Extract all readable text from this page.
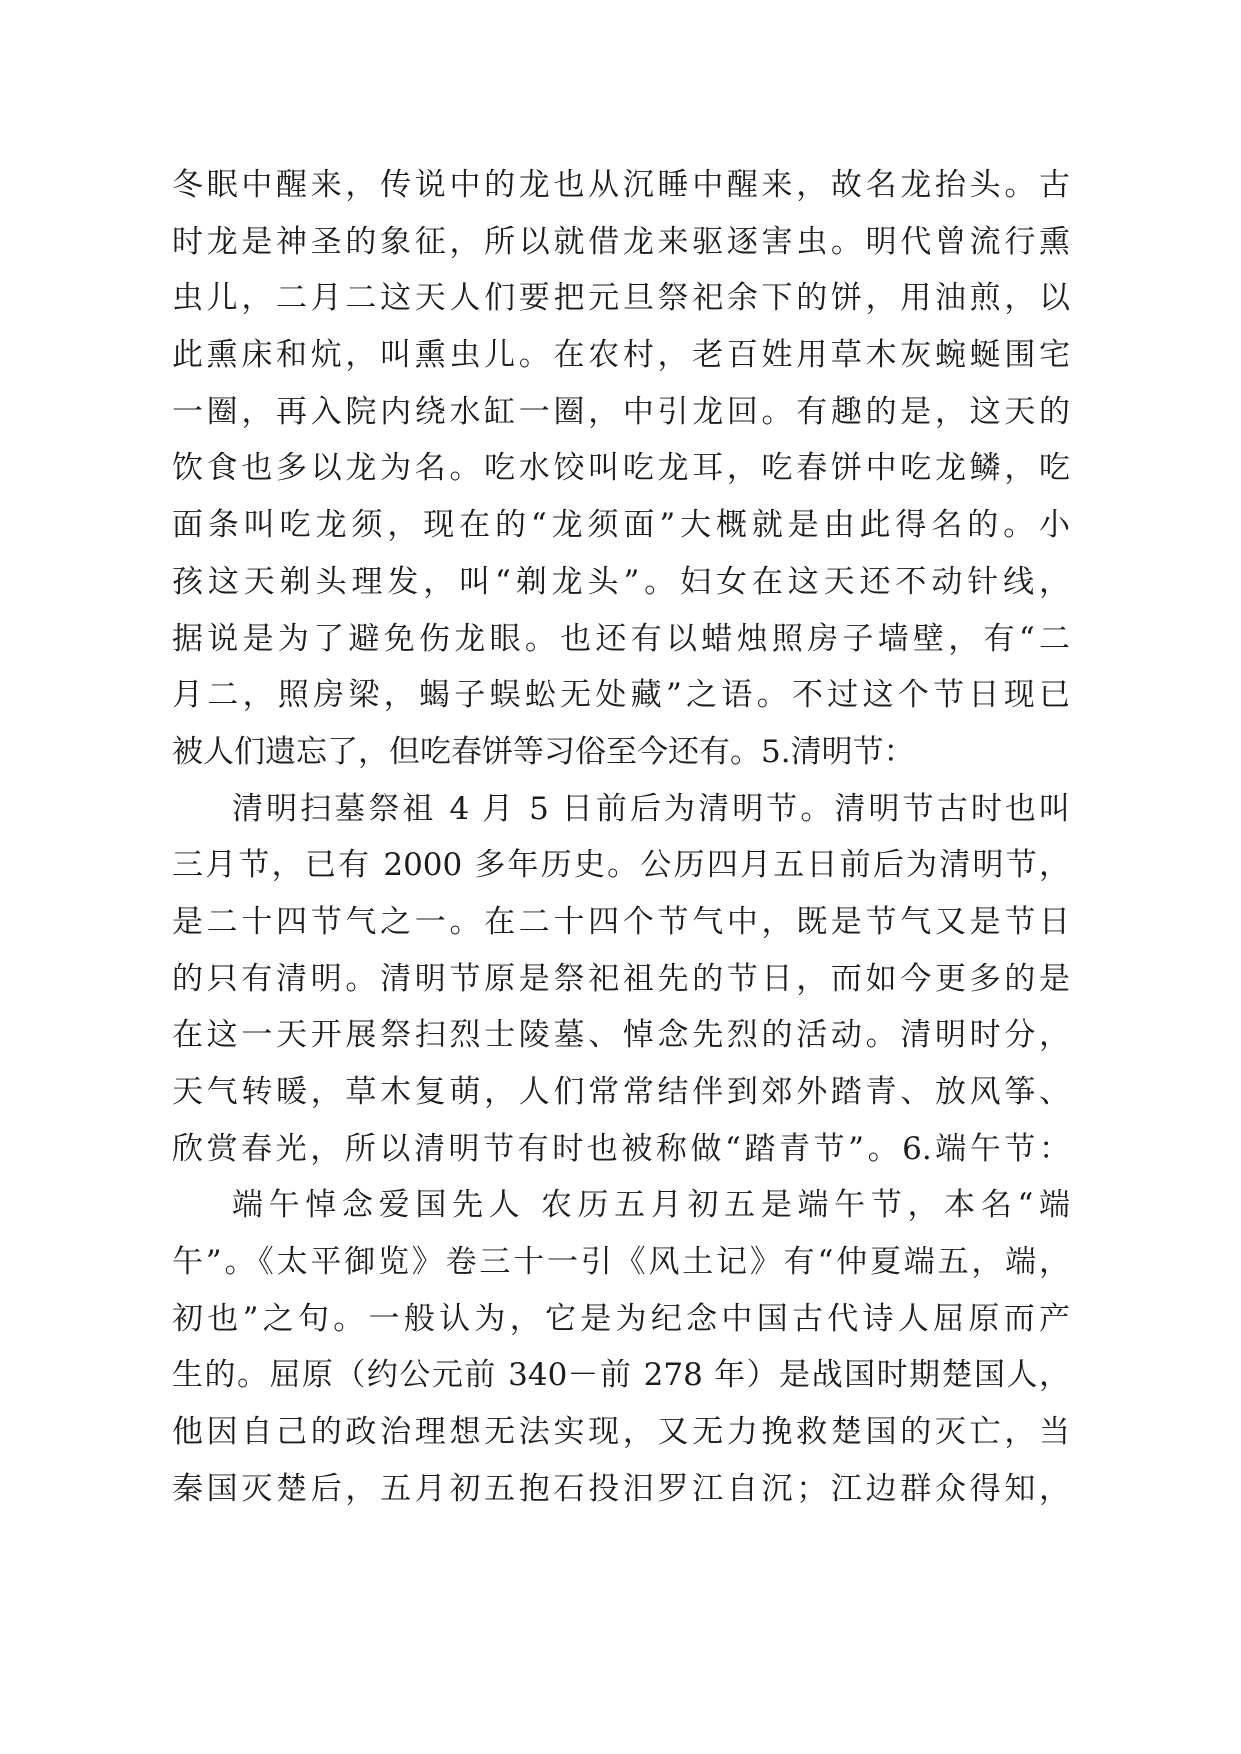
冬眠中醒来，传说中的龙也从沉睡中醒来，故名龙抬头。古
时龙是神圣的象征，所以就借龙来驱逐害虫。明代曾流行熏
虫儿，二月二这天人们要把元旦祭祀余下的饼，用油煎，以
此熏床和炕，叫熏虫儿。在农村，老百姓用草木灰蜿蜒围宅
一圈，再入院内绕水缸一圈，中引龙回。有趣的是，这天的
饮食也多以龙为名。吃水饺叫吃龙耳，吃春饼中吃龙鳞，吃
面条叫吃龙须，现在的“龙须面”大概就是由此得名的。小
孩这天剃头理发，叫“剃龙头”。妇女在这天还不动针线，
据说是为了避免伤龙眼。也还有以蜡烛照房子墙壁，有“二
月二，照房梁，蝎子蜈蚣无处藏”之语。不过这个节日现已
被人们遗忘了，但吃春饼等习俗至今还有。5.清明节：
清明扫墓祭祖 4 月 5 日前后为清明节。清明节古时也叫
三月节，已有 2000 多年历史。公历四月五日前后为清明节，
是二十四节气之一。在二十四个节气中，既是节气又是节日
的只有清明。清明节原是祭祀祖先的节日，而如今更多的是
在这一天开展祭扫烈士陵墓、悼念先烈的活动。清明时分，
天气转暖，草木复萌，人们常常结伴到郊外踏青、放风筝、
欣赏春光，所以清明节有时也被称做“踏青节”。6.端午节：
端午悼念爱国先人 农历五月初五是端午节，本名“端
午”。《太平御览》卷三十一引《风土记》有“仲夏端五，端，
初也”之句。一般认为，它是为纪念中国古代诗人屈原而产
生的。屈原（约公元前 340－前 278 年）是战国时期楚国人，
他因自己的政治理想无法实现，又无力挽救楚国的灭亡，当
秦国灭楚后，五月初五抱石投汨罗江自沉；江边群众得知，
